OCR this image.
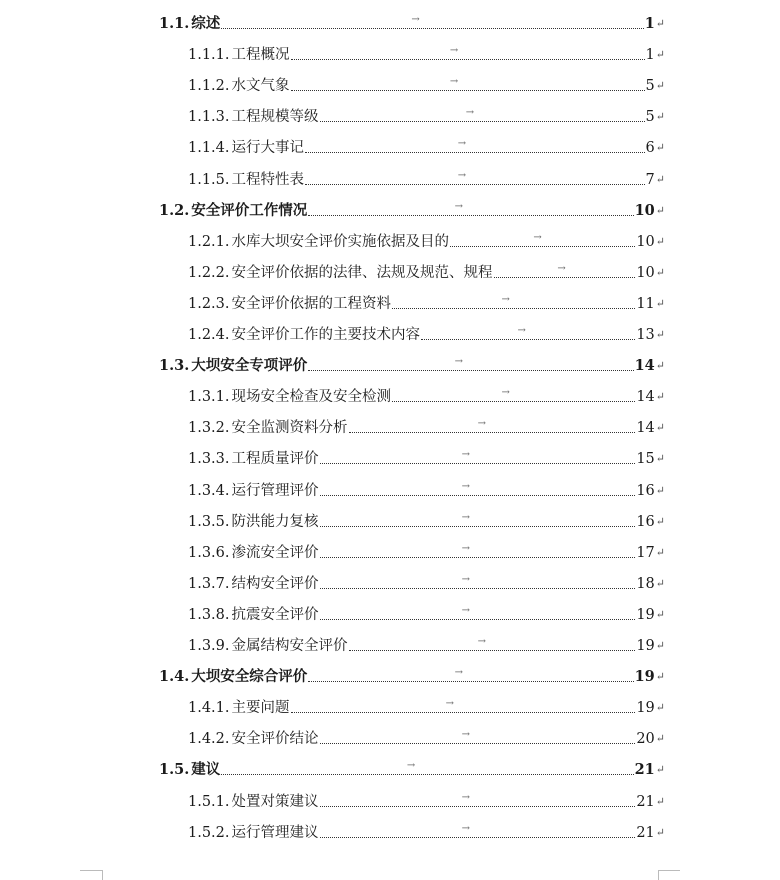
1.1. 综述	→	1 ↵
1.1.1. 工程概况	→	1 ↵
1.1.2. 水文气象	→	5 ↵
1.1.3. 工程规模等级	→	5 ↵
1.1.4. 运行大事记	→	6 ↵
1.1.5. 工程特性表	→	7 ↵
1.2. 安全评价工作情况	→	10 ↵
1.2.1. 水库大坝安全评价实施依据及目的	→	10 ↵
1.2.2. 安全评价依据的法律、法规及规范、规程	→	10 ↵
1.2.3. 安全评价依据的工程资料	→	11 ↵
1.2.4. 安全评价工作的主要技术内容	→	13 ↵
1.3. 大坝安全专项评价	→	14 ↵
1.3.1. 现场安全检查及安全检测	→	14 ↵
1.3.2. 安全监测资料分析	→	14 ↵
1.3.3. 工程质量评价	→	15 ↵
1.3.4. 运行管理评价	→	16 ↵
1.3.5. 防洪能力复核	→	16 ↵
1.3.6. 渗流安全评价	→	17 ↵
1.3.7. 结构安全评价	→	18 ↵
1.3.8. 抗震安全评价	→	19 ↵
1.3.9. 金属结构安全评价	→	19 ↵
1.4. 大坝安全综合评价	→	19 ↵
1.4.1. 主要问题	→	19 ↵
1.4.2. 安全评价结论	→	20 ↵
1.5. 建议	→	21 ↵
1.5.1. 处置对策建议	→	21 ↵
1.5.2. 运行管理建议	→	21 ↵
